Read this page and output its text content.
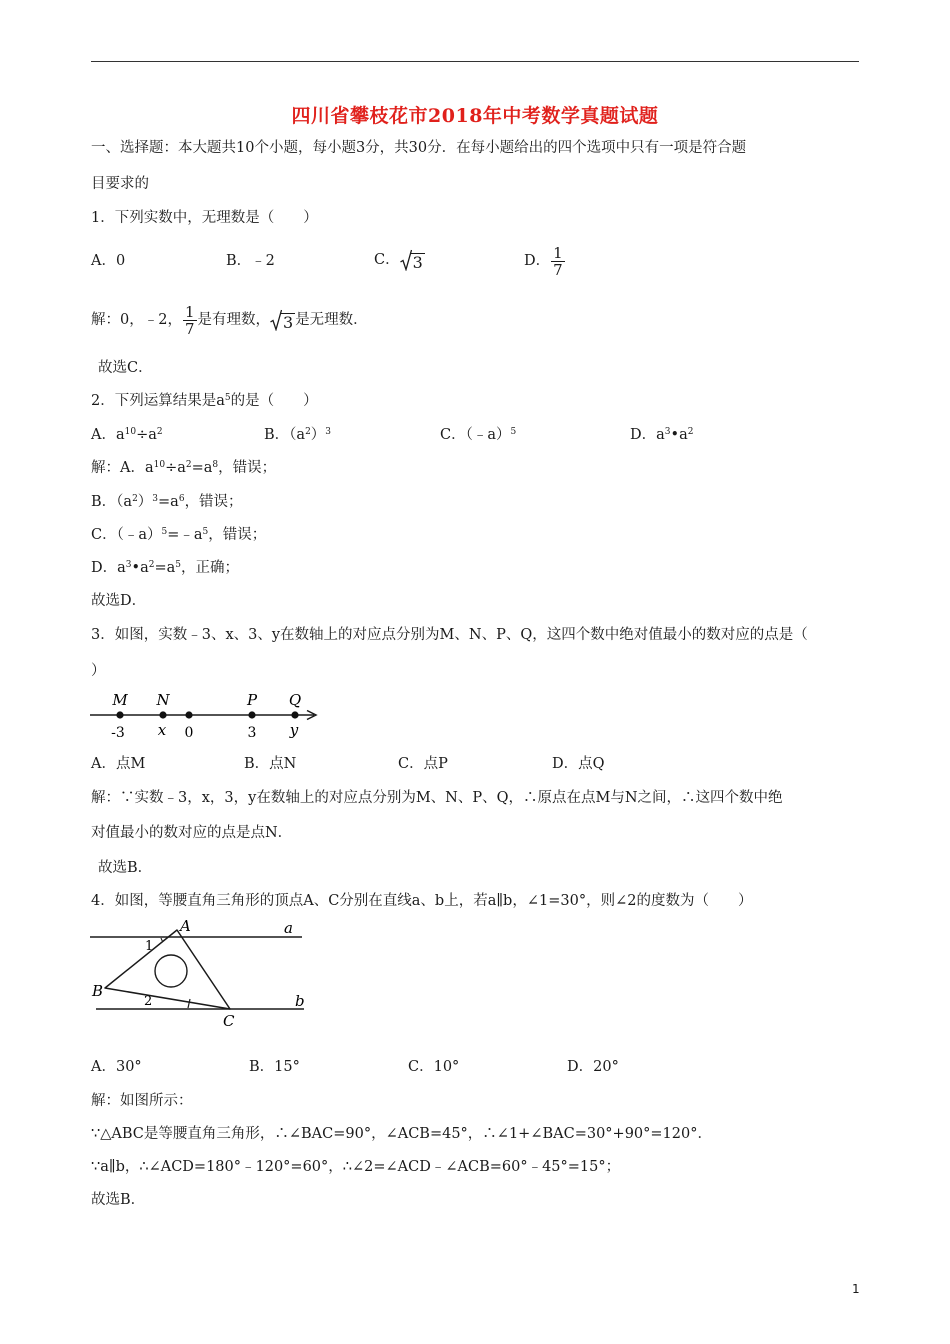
四川省攀枝花市2018年中考数学真题试题
一、选择题：本大题共10个小题，每小题3分，共30分．在每小题给出的四个选项中只有一项是符合题
目要求的
1．下列实数中，无理数是（　　）
A．0	B．﹣2	C． 3	D． $\frac{1}{7}$
解：0，﹣2， $\frac{1}{7}$ 是有理数， 3 是无理数．
故选C．
2．下列运算结果是$a^5$的是（　　）
A．$a^{10}\div a^2$	B．$(a^2)^3$	C．（﹣a）$^5$	D．$a^3•a^2$
解：A．$a^{10}\div a^2=a^8$，错误；
B．$(a^2)^3=a^6$，错误；
C．$(﹣a)^5=﹣a^5$，错误；
D．$a^3•a^2=a^5$，正确；
故选D．
3．如图，实数﹣3、x、3、y在数轴上的对应点分别为M、N、P、Q，这四个数中绝对值最小的数对应的点是（
）
M N	P Q
-3 x 0	3 y
A．点M	B．点N	C．点P	D．点Q
解：∵实数﹣3，x，3，y在数轴上的对应点分别为M、N、P、Q，∴原点在点M与N之间，∴这四个数中绝
对值最小的数对应的点是点N．
故选B．
4．如图，等腰直角三角形的顶点A、C分别在直线a、b上，若a∥b，∠1=30°，则∠2的度数为（　　）
A
B
C
a
b
1
2
A．30°	B．15°	C．10°	D．20°
解：如图所示：
∵△ABC是等腰直角三角形，∴∠BAC=90°，∠ACB=45°，∴∠1+∠BAC=30°+90°=120°．
∵a∥b，∴∠ACD=180°﹣120°=60°，∴∠2=∠ACD﹣∠ACB=60°﹣45°=15°；
故选B．
1
